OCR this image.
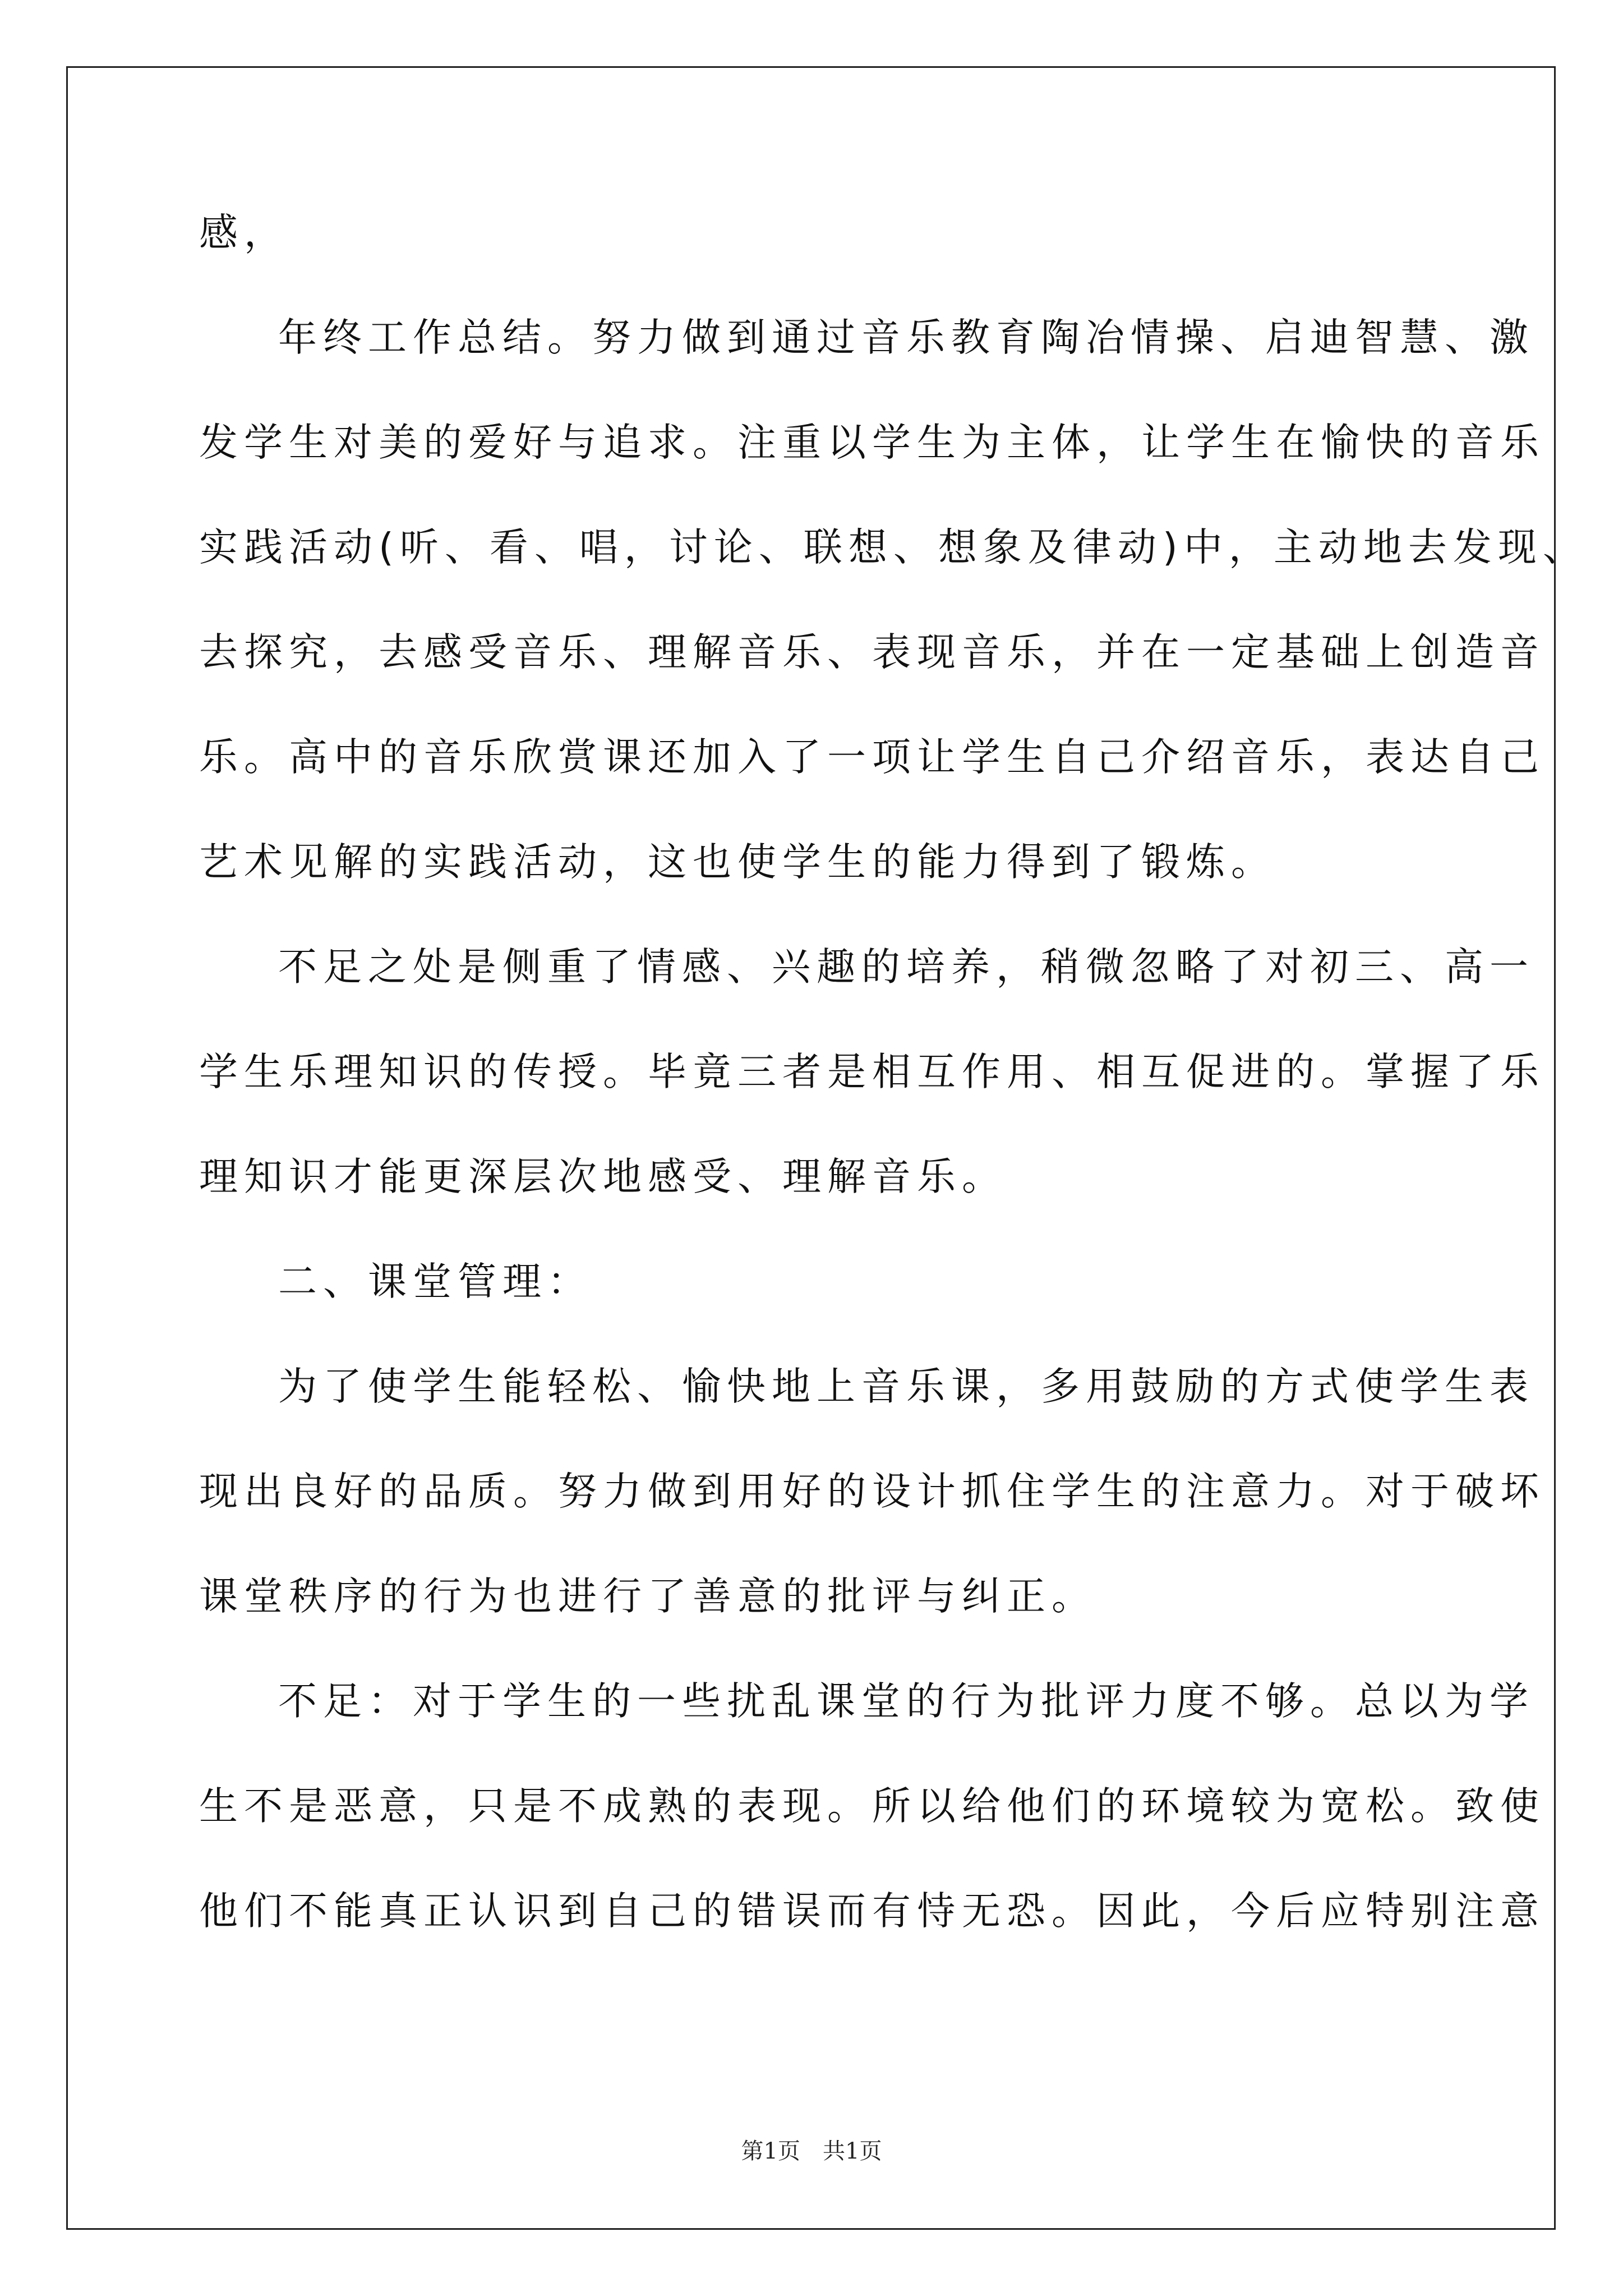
感，
年终工作总结。努力做到通过音乐教育陶冶情操、启迪智慧、激
发学生对美的爱好与追求。注重以学生为主体，让学生在愉快的音乐
实践活动(听、看、唱，讨论、联想、想象及律动)中，主动地去发现、
去探究，去感受音乐、理解音乐、表现音乐，并在一定基础上创造音
乐。高中的音乐欣赏课还加入了一项让学生自己介绍音乐，表达自己
艺术见解的实践活动，这也使学生的能力得到了锻炼。
不足之处是侧重了情感、兴趣的培养，稍微忽略了对初三、高一
学生乐理知识的传授。毕竟三者是相互作用、相互促进的。掌握了乐
理知识才能更深层次地感受、理解音乐。
二、课堂管理：
为了使学生能轻松、愉快地上音乐课，多用鼓励的方式使学生表
现出良好的品质。努力做到用好的设计抓住学生的注意力。对于破坏
课堂秩序的行为也进行了善意的批评与纠正。
不足：对于学生的一些扰乱课堂的行为批评力度不够。总以为学
生不是恶意，只是不成熟的表现。所以给他们的环境较为宽松。致使
他们不能真正认识到自己的错误而有恃无恐。因此，今后应特别注意
第1页　共1页
